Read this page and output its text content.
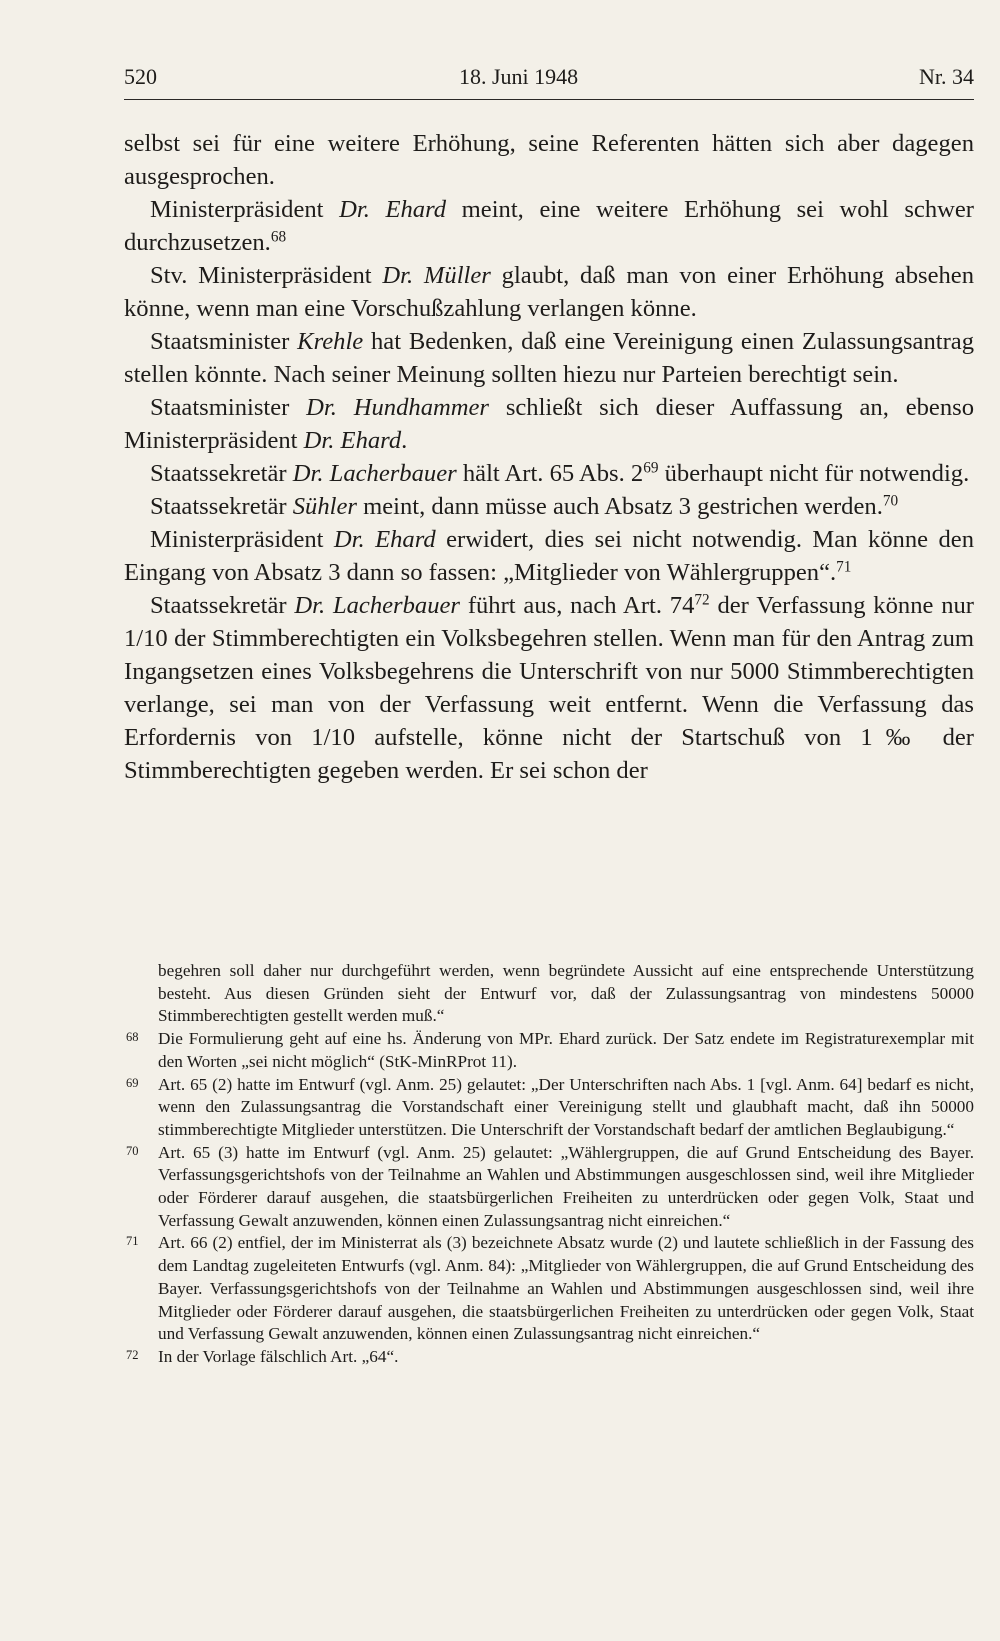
520	18. Juni 1948	Nr. 34

selbst sei für eine weitere Erhöhung, seine Referenten hätten sich aber dagegen ausgesprochen.

Ministerpräsident Dr. Ehard meint, eine weitere Erhöhung sei wohl schwer durchzusetzen.$^{68}$

Stv. Ministerpräsident Dr. Müller glaubt, daß man von einer Erhöhung absehen könne, wenn man eine Vorschußzahlung verlangen könne.

Staatsminister Krehle hat Bedenken, daß eine Vereinigung einen Zulassungsantrag stellen könnte. Nach seiner Meinung sollten hiezu nur Parteien berechtigt sein.

Staatsminister Dr. Hundhammer schließt sich dieser Auffassung an, ebenso Ministerpräsident Dr. Ehard.

Staatssekretär Dr. Lacherbauer hält Art. 65 Abs. $2^{69}$ überhaupt nicht für notwendig.

Staatssekretär Sühler meint, dann müsse auch Absatz 3 gestrichen werden.$^{70}$

Ministerpräsident Dr. Ehard erwidert, dies sei nicht notwendig. Man könne den Eingang von Absatz 3 dann so fassen: „Mitglieder von Wählergruppen“.$^{71}$

Staatssekretär Dr. Lacherbauer führt aus, nach Art. $74^{72}$ der Verfassung könne nur 1/10 der Stimmberechtigten ein Volksbegehren stellen. Wenn man für den Antrag zum Ingangsetzen eines Volksbegehrens die Unterschrift von nur 5000 Stimmberechtigten verlange, sei man von der Verfassung weit entfernt. Wenn die Verfassung das Erfordernis von 1/10 aufstelle, könne nicht der Startschuß von 1‰ der Stimmberechtigten gegeben werden. Er sei schon der

begehren soll daher nur durchgeführt werden, wenn begründete Aussicht auf eine entsprechende Unterstützung besteht. Aus diesen Gründen sieht der Entwurf vor, daß der Zulassungsantrag von mindestens 50000 Stimmberechtigten gestellt werden muß.“

68 Die Formulierung geht auf eine hs. Änderung von MPr. Ehard zurück. Der Satz endete im Registraturexemplar mit den Worten „sei nicht möglich“ (StK-MinRProt 11).

69 Art. 65 (2) hatte im Entwurf (vgl. Anm. 25) gelautet: „Der Unterschriften nach Abs. 1 [vgl. Anm. 64] bedarf es nicht, wenn den Zulassungsantrag die Vorstandschaft einer Vereinigung stellt und glaubhaft macht, daß ihn 50000 stimmberechtigte Mitglieder unterstützen. Die Unterschrift der Vorstandschaft bedarf der amtlichen Beglaubigung.“

70 Art. 65 (3) hatte im Entwurf (vgl. Anm. 25) gelautet: „Wählergruppen, die auf Grund Entscheidung des Bayer. Verfassungsgerichtshofs von der Teilnahme an Wahlen und Abstimmungen ausgeschlossen sind, weil ihre Mitglieder oder Förderer darauf ausgehen, die staatsbürgerlichen Freiheiten zu unterdrücken oder gegen Volk, Staat und Verfassung Gewalt anzuwenden, können einen Zulassungsantrag nicht einreichen.“

71 Art. 66 (2) entfiel, der im Ministerrat als (3) bezeichnete Absatz wurde (2) und lautete schließlich in der Fassung des dem Landtag zugeleiteten Entwurfs (vgl. Anm. 84): „Mitglieder von Wählergruppen, die auf Grund Entscheidung des Bayer. Verfassungsgerichtshofs von der Teilnahme an Wahlen und Abstimmungen ausgeschlossen sind, weil ihre Mitglieder oder Förderer darauf ausgehen, die staatsbürgerlichen Freiheiten zu unterdrücken oder gegen Volk, Staat und Verfassung Gewalt anzuwenden, können einen Zulassungsantrag nicht einreichen.“

72 In der Vorlage fälschlich Art. „64“.
